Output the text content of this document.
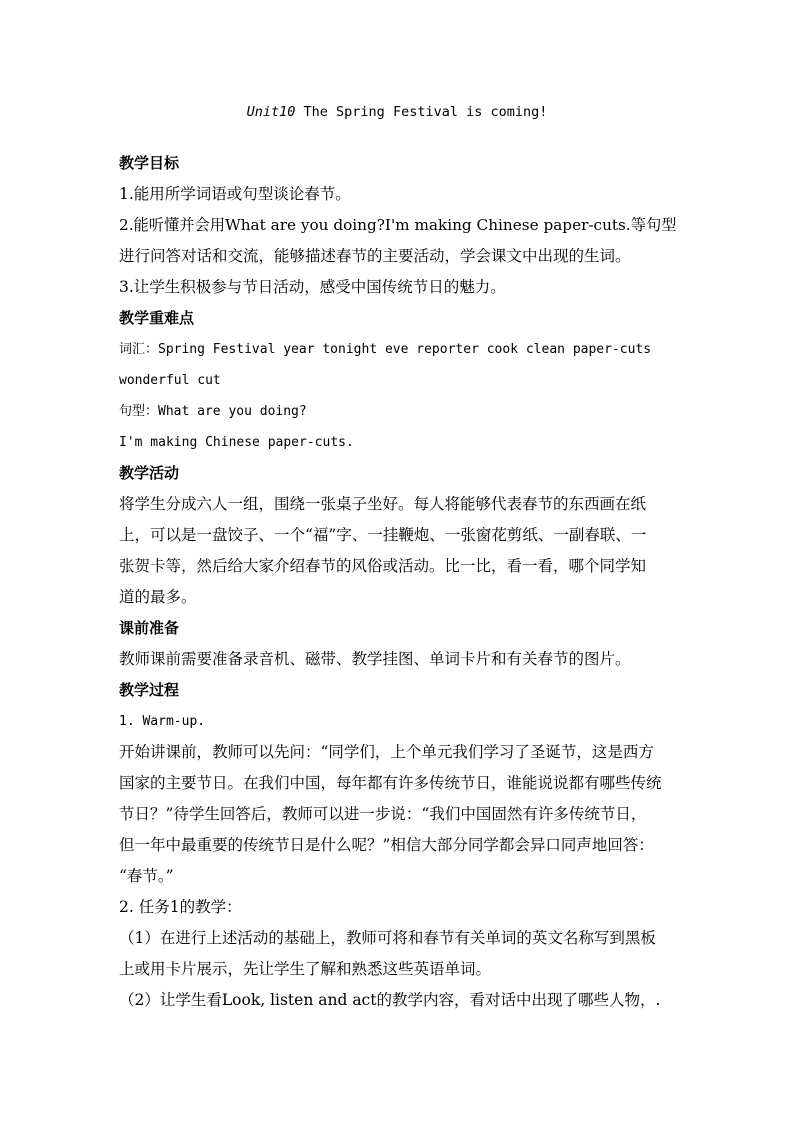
Unit10 The Spring Festival is coming!
教学目标
1.能用所学词语或句型谈论春节。
2.能听懂并会用What are you doing?I'm making Chinese paper-cuts.等句型
进行问答对话和交流，能够描述春节的主要活动，学会课文中出现的生词。
3.让学生积极参与节日活动，感受中国传统节日的魅力。
教学重难点
词汇：Spring Festival year tonight eve reporter cook clean paper-cuts
wonderful cut
句型：What are you doing?
I'm making Chinese paper-cuts.
教学活动
将学生分成六人一组，围绕一张桌子坐好。每人将能够代表春节的东西画在纸
上，可以是一盘饺子、一个“福”字、一挂鞭炮、一张窗花剪纸、一副春联、一
张贺卡等，然后给大家介绍春节的风俗或活动。比一比，看一看，哪个同学知
道的最多。
课前准备
教师课前需要准备录音机、磁带、教学挂图、单词卡片和有关春节的图片。
教学过程
1. Warm-up.
开始讲课前，教师可以先问：“同学们，上个单元我们学习了圣诞节，这是西方
国家的主要节日。在我们中国，每年都有许多传统节日，谁能说说都有哪些传统
节日？”待学生回答后，教师可以进一步说：“我们中国固然有许多传统节日，
但一年中最重要的传统节日是什么呢？”相信大部分同学都会异口同声地回答：
“春节。”
2. 任务1的教学：
（1）在进行上述活动的基础上，教师可将和春节有关单词的英文名称写到黑板
上或用卡片展示，先让学生了解和熟悉这些英语单词。
（2）让学生看Look, listen and act的教学内容，看对话中出现了哪些人物，.
